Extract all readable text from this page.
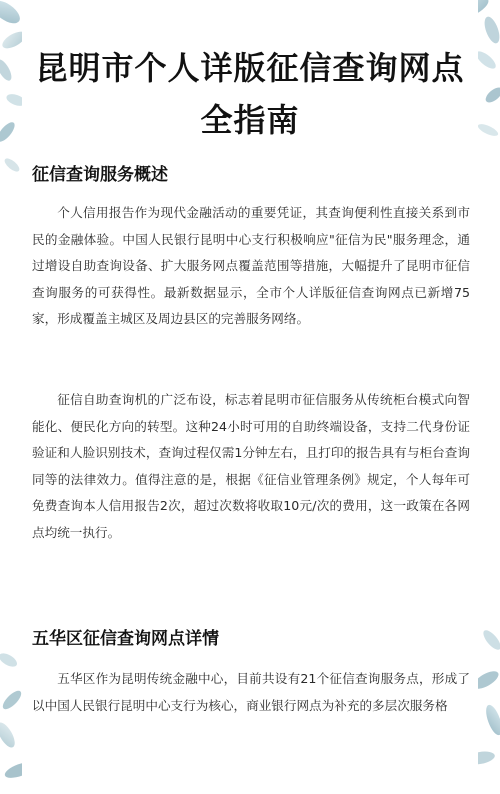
昆明市个人详版征信查询网点全指南
征信查询服务概述

个人信用报告作为现代金融活动的重要凭证，其查询便利性直接关系到市民的金融体验。中国人民银行昆明中心支行积极响应"征信为民"服务理念，通过增设自助查询设备、扩大服务网点覆盖范围等措施，大幅提升了昆明市征信查询服务的可获得性。最新数据显示，全市个人详版征信查询网点已新增75家，形成覆盖主城区及周边县区的完善服务网络。

征信自助查询机的广泛布设，标志着昆明市征信服务从传统柜台模式向智能化、便民化方向的转型。这种24小时可用的自助终端设备，支持二代身份证验证和人脸识别技术，查询过程仅需1分钟左右，且打印的报告具有与柜台查询同等的法律效力。值得注意的是，根据《征信业管理条例》规定，个人每年可免费查询本人信用报告2次，超过次数将收取10元/次的费用，这一政策在各网点均统一执行。

五华区征信查询网点详情

五华区作为昆明传统金融中心，目前共设有21个征信查询服务点，形成了以中国人民银行昆明中心支行为核心，商业银行网点为补充的多层次服务格
